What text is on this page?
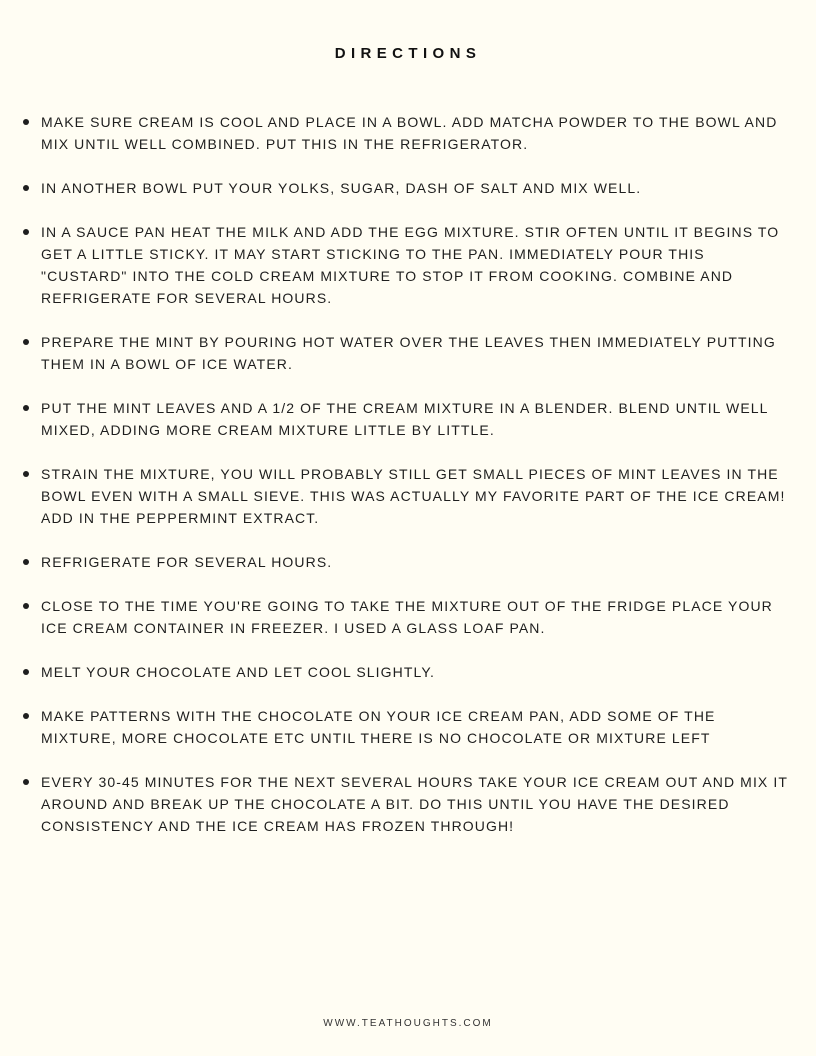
DIRECTIONS
MAKE SURE CREAM IS COOL AND PLACE IN A BOWL. ADD MATCHA POWDER TO THE BOWL AND MIX UNTIL WELL COMBINED. PUT THIS IN THE REFRIGERATOR.
IN ANOTHER BOWL PUT YOUR YOLKS, SUGAR, DASH OF SALT AND MIX WELL.
IN A SAUCE PAN HEAT THE MILK AND ADD THE EGG MIXTURE. STIR OFTEN UNTIL IT BEGINS TO GET A LITTLE STICKY. IT MAY START STICKING TO THE PAN. IMMEDIATELY POUR THIS "CUSTARD" INTO THE COLD CREAM MIXTURE TO STOP IT FROM COOKING. COMBINE AND REFRIGERATE FOR SEVERAL HOURS.
PREPARE THE MINT BY POURING HOT WATER OVER THE LEAVES THEN IMMEDIATELY PUTTING THEM IN A BOWL OF ICE WATER.
PUT THE MINT LEAVES AND A 1/2 OF THE CREAM MIXTURE IN A BLENDER. BLEND UNTIL WELL MIXED, ADDING MORE CREAM MIXTURE LITTLE BY LITTLE.
STRAIN THE MIXTURE, YOU WILL PROBABLY STILL GET SMALL PIECES OF MINT LEAVES IN THE BOWL EVEN WITH A SMALL SIEVE. THIS WAS ACTUALLY MY FAVORITE PART OF THE ICE CREAM! ADD IN THE PEPPERMINT EXTRACT.
REFRIGERATE FOR SEVERAL HOURS.
CLOSE TO THE TIME YOU'RE GOING TO TAKE THE MIXTURE OUT OF THE FRIDGE PLACE YOUR ICE CREAM CONTAINER IN FREEZER. I USED A GLASS LOAF PAN.
MELT YOUR CHOCOLATE AND LET COOL SLIGHTLY.
MAKE PATTERNS WITH THE CHOCOLATE ON YOUR ICE CREAM PAN, ADD SOME OF THE MIXTURE, MORE CHOCOLATE ETC UNTIL THERE IS NO CHOCOLATE OR MIXTURE LEFT
EVERY 30-45 MINUTES FOR THE NEXT SEVERAL HOURS TAKE YOUR ICE CREAM OUT AND MIX IT AROUND AND BREAK UP THE CHOCOLATE A BIT. DO THIS UNTIL YOU HAVE THE DESIRED CONSISTENCY AND THE ICE CREAM HAS FROZEN THROUGH!
WWW.TEATHOUGHTS.COM
